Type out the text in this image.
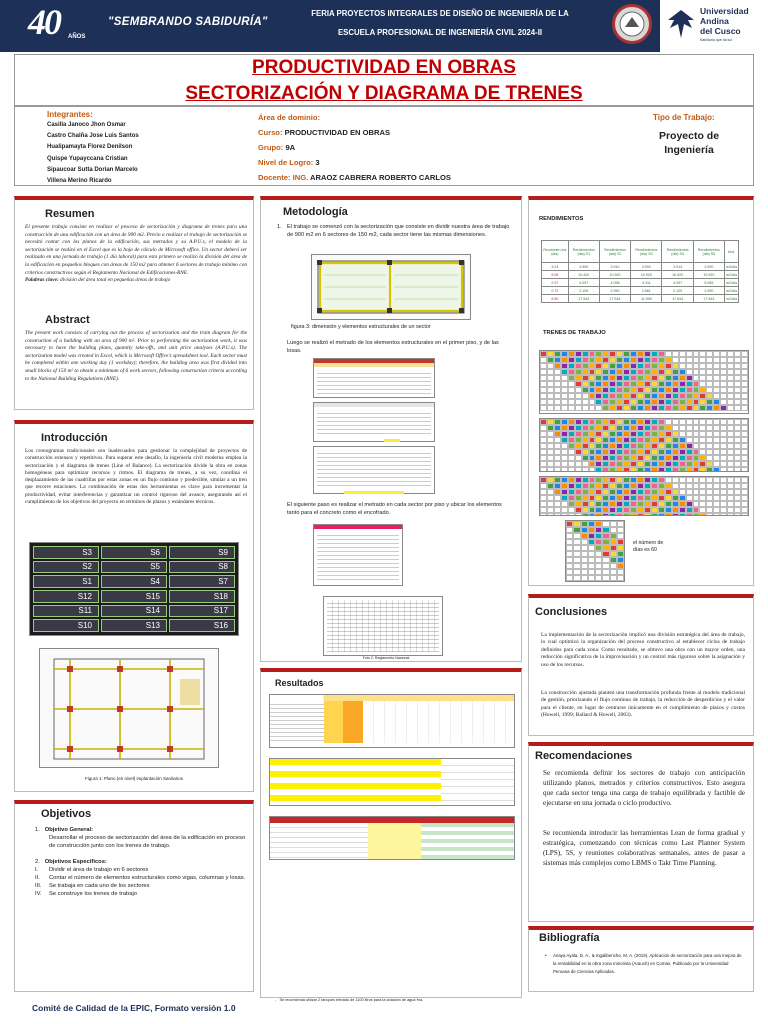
40	AÑOS
"SEMBRANDO SABIDURÍA"
FERIA PROYECTOS INTEGRALES DE DISEÑO DE INGENIERÍA DE LA
ESCUELA PROFESIONAL DE INGENIERÍA CIVIL 2024-II
Universidad
Andina
del Cusco
Sabiduría que da luz
PRODUCTIVIDAD EN OBRAS
SECTORIZACIÓN Y DIAGRAMA DE TRENES
Integrantes:
Casilla Janoco Jhon Osmar
Castro Chalña Jose Luis Santos
Hualipamayta Florez Denilson
Quispe Yupayccana Cristian
Sipaucoar Sutta Dorian Marcelo
Villena Merino Ricardo
Área de dominio:
Curso: PRODUCTIVIDAD EN OBRAS
Grupo: 9A
Nivel de Logro: 3
Docente: ING. ARAOZ CABRERA ROBERTO CARLOS
Tipo de Trabajo:
Proyecto de
Ingeniería
Resumen
El presente trabajo consiste en realizar el proceso de sectorización y diagrama de trenes para una construcción de una edificación con un área de 900 m2. Previo a realizar el trabajo de sectorización se necesitó contar con los planos de la edificación, sus metrados y su A.P.U.s, el modelo de la sectorización se realizó en el Excel que es la hoja de cálculo de Microsoft office. Un sector deberá ser realizado en una jornada de trabajo (1 día laboral) para esto primero se realizó la división del área de la edificación en pequeños bloques con áreas de 150 m2 para obtener 6 sectores de trabajo mínimo con criterios constructivos según el Reglamento Nacional de Edificaciones-RNE.
Palabras clave: división del área total en pequeñas áreas de trabajo
Abstract
The present work consists of carrying out the process of sectorization and the train diagram for the construction of a building with an area of 900 m². Prior to performing the sectorization work, it was necessary to have the building plans, quantity take-offs, and unit price analyses (A.P.U.s). The sectorization model was created in Excel, which is Microsoft Office's spreadsheet tool. Each sector must be completed within one working day (1 workday); therefore, the building area was first divided into small blocks of 150 m² to obtain a minimum of 6 work sectors, following construction criteria according to the National Building Regulations (RNE).
Introducción
Los cronogramas tradicionales son inadecuados para gestionar la complejidad de proyectos de construcción extensos y repetitivos. Para superar este desafío, la ingeniería civil moderna emplea la sectorización y el diagrama de trenes (Line of Balance). La sectorización divide la obra en zonas homogéneas para optimizar recursos y ritmos. El diagrama de trenes, a su vez, coordina el desplazamiento de las cuadrillas por estas zonas en un flujo continuo y predecible, similar a un tren que recorre estaciones. La combinación de estas dos herramientas es clave para incrementar la productividad, evitar interferencias y garantizar un control riguroso del avance, asegurando así el cumplimiento de los objetivos del proyecto en términos de plazos y estándares técnicos.
S3	S6	S9
S2	S5	S8
S1	S4	S7
S12	S15	S18
S11	S14	S17
S10	S13	S16
Figura 1: Plano (en nivel) implantación Sanitarios
Objetivos
1. Objetivo General:
Desarrollar el proceso de sectorización del área de la edificación en proceso de construcción junto con los trenes de trabajo.
2. Objetivos Específicos:
I.	Dividir el área de trabajo en 6 sectores
II.	Contar el número de elementos estructurales como vigas, columnas y losas.
III.	Se trabaja en cada uno de los sectores
IV.	Se construye los trenes de trabajo
Metodología
1. El trabajo se comenzó con la sectorización que consiste en dividir nuestra área de trabajo de 900 m2 en 6 sectores de 150 m2, cada sector tiene las mismas dimensiones.
figura 3: dimensión y elementos estructurales de un sector
Luego se realizó el metrado de los elementos estructurales en el primer piso, y de las losas.
El siguiente paso es realizar el metrado en cada sector por piso y ubicar los elementos tanto para el concreto como el encofrado.
Foto 2: Reglamento Nacional
Resultados
-   Se recomienda utilizar 2 tanques elevado de 1100 litros para la dotación de agua fría.
RENDIMIENTOS
Rendimien tos (dia)	Rendimientos (dia) S1	Rendimientos (dia) S2	Rendimientos (dia) S3	Rendimientos (dia) S4	Rendimientos (dia) S5	Und.
3.24	3.990	3.910	3.990	3.914	3.990	m3/día
5.98	10.420	10.920	10.920	10.920	10.920	m2/día
2.97	4.097	4.098	4.411	4.097	5.085	m2/día
0.72	2.105	2.990	2.661	2.105	2.990	m2/día
8.50	17.544	17.544	11.999	17.544	17.544	m2/día
TRENES DE TRABAJO
el número de días es 60
Conclusiones
La implementación de la sectorización implicó una división estratégica del área de trabajo, lo cual optimizó la organización del proceso constructivo al establecer ciclos de trabajo definidos para cada zona. Como resultado, se obtuvo una obra con un mayor orden, una reducción significativa de la improvisación y un control más riguroso sobre la asignación y uso de los recursos.
La construcción ajustada planteó una transformación profunda frente al modelo tradicional de gestión, priorizando el flujo continuo de trabajo, la reducción de desperdicios y el valor para el cliente, en lugar de centrarse únicamente en el cumplimiento de plazos y costos (Howell, 1999; Ballard & Howell, 2003).
Recomendaciones
Se recomienda definir los sectores de trabajo con anticipación utilizando planos, metrados y criterios constructivos. Esto asegura que cada sector tenga una carga de trabajo equilibrada y factible de ejecutarse en una jornada o ciclo productivo.
Se recomienda introducir las herramientas Lean de forma gradual y estratégica, comenzando con técnicas como Last Planner System (LPS), 5S, y reuniones colaborativas semanales, antes de pasar a sistemas más complejos como LBMS o Takt Time Planning.
Bibliografía
•	Anaya Ayala, D. A., & Ingaliberiche, M. A. (2019). Aplicación de sectorización para una mejora de la rentabilidad en la obra zona minorista (Arauch) en Comas. Publicado por la Universidad Peruana de Ciencias Aplicadas.
Comité de Calidad de la EPIC, Formato versión 1.0
